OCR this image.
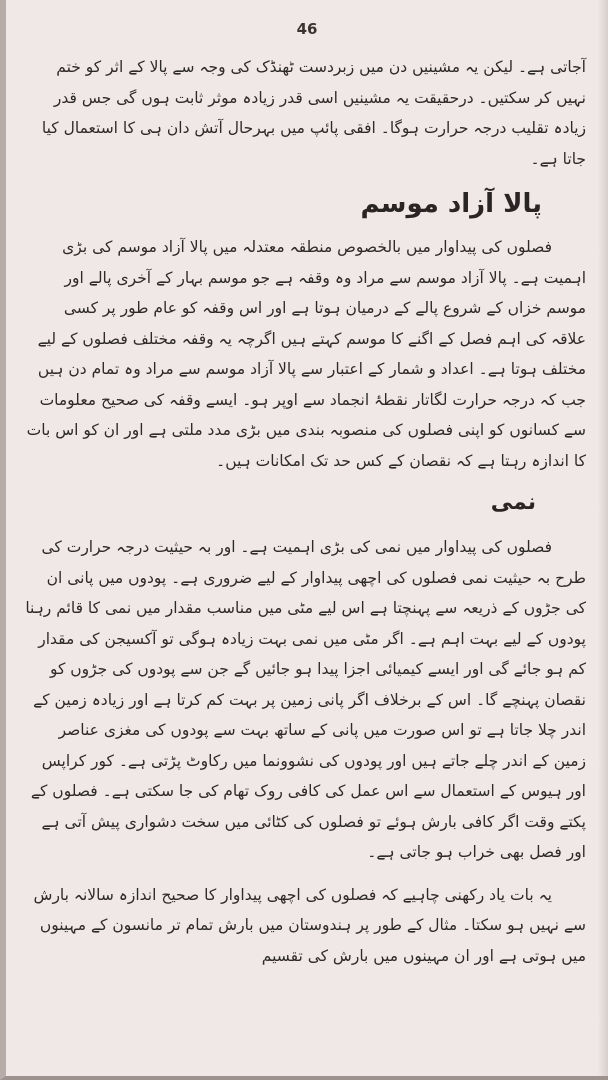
46

آجاتی ہے۔ لیکن یہ مشینیں دن میں زبردست ٹھنڈک کی وجہ سے پالا کے اثر کو ختم نہیں کر سکتیں۔ درحقیقت یہ مشینیں اسی قدر زیادہ موثر ثابت ہوں گی جس قدر زیادہ تقلیب درجہ حرارت ہوگا۔ افقی پائپ میں بہرحال آتش دان ہی کا استعمال کیا جاتا ہے۔

پالا آزاد موسم

فصلوں کی پیداوار میں بالخصوص منطقہ معتدلہ میں پالا آزاد موسم کی بڑی اہمیت ہے۔ پالا آزاد موسم سے مراد وہ وقفہ ہے جو موسم بہار کے آخری پالے اور موسم خزاں کے شروع پالے کے درمیان ہوتا ہے اور اس وقفہ کو عام طور پر کسی علاقہ کی اہم فصل کے اگنے کا موسم کہتے ہیں اگرچہ یہ وقفہ مختلف فصلوں کے لیے مختلف ہوتا ہے۔ اعداد و شمار کے اعتبار سے پالا آزاد موسم سے مراد وہ تمام دن ہیں جب کہ درجہ حرارت لگاتار نقطۂ انجماد سے اوپر ہو۔ ایسے وقفہ کی صحیح معلومات سے کسانوں کو اپنی فصلوں کی منصوبہ بندی میں بڑی مدد ملتی ہے اور ان کو اس بات کا اندازہ رہتا ہے کہ نقصان کے کس حد تک امکانات ہیں۔

نمی

فصلوں کی پیداوار میں نمی کی بڑی اہمیت ہے۔ اور بہ حیثیت درجہ حرارت کی طرح بہ حیثیت نمی فصلوں کی اچھی پیداوار کے لیے ضروری ہے۔ پودوں میں پانی ان کی جڑوں کے ذریعہ سے پہنچتا ہے اس لیے مٹی میں مناسب مقدار میں نمی کا قائم رہنا پودوں کے لیے بہت اہم ہے۔ اگر مٹی میں نمی بہت زیادہ ہوگی تو آکسیجن کی مقدار کم ہو جائے گی اور ایسے کیمیائی اجزا پیدا ہو جائیں گے جن سے پودوں کی جڑوں کو نقصان پہنچے گا۔ اس کے برخلاف اگر پانی زمین پر بہت کم کرتا ہے اور زیادہ زمین کے اندر چلا جاتا ہے تو اس صورت میں پانی کے ساتھ بہت سے پودوں کی مغزی عناصر زمین کے اندر چلے جاتے ہیں اور پودوں کی نشوونما میں رکاوٹ پڑتی ہے۔ کور کراپس اور ہیوس کے استعمال سے اس عمل کی کافی روک تھام کی جا سکتی ہے۔ فصلوں کے پکتے وقت اگر کافی بارش ہوئے تو فصلوں کی کٹائی میں سخت دشواری پیش آتی ہے اور فصل بھی خراب ہو جاتی ہے۔

یہ بات یاد رکھنی چاہیے کہ فصلوں کی اچھی پیداوار کا صحیح اندازہ سالانہ بارش سے نہیں ہو سکتا۔ مثال کے طور پر ہندوستان میں بارش تمام تر مانسون کے مہینوں میں ہوتی ہے اور ان مہینوں میں بارش کی تقسیم
